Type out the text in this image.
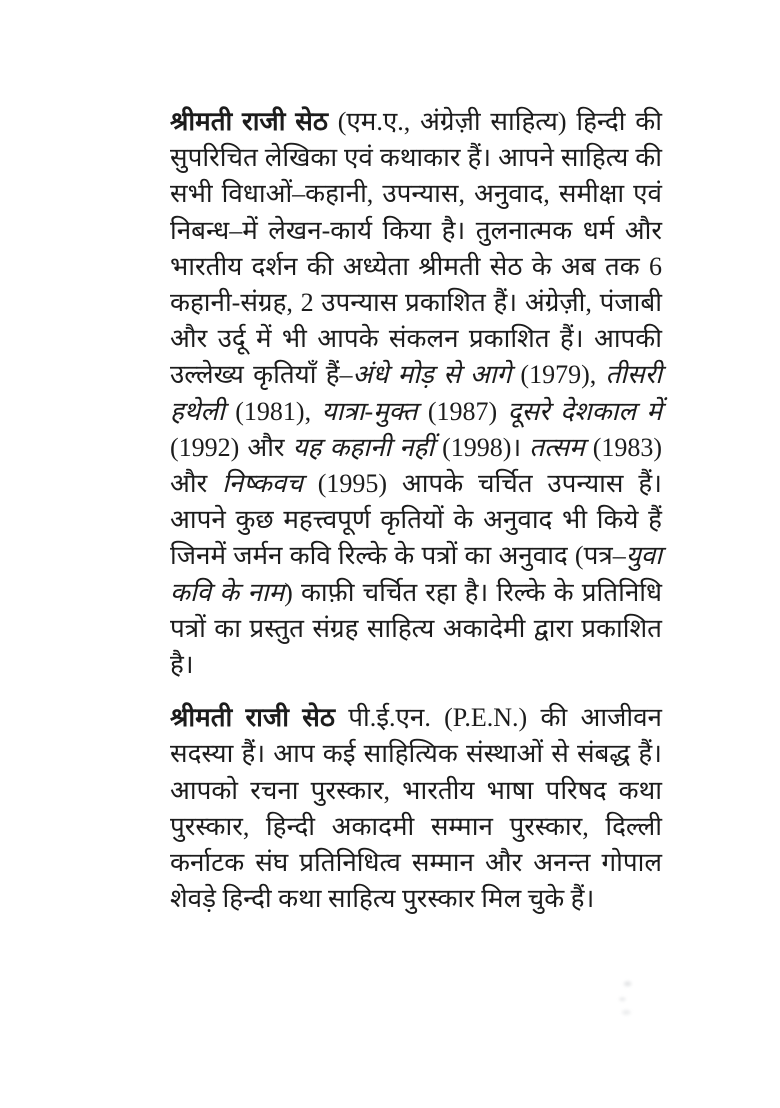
श्रीमती राजी सेठ (एम.ए., अंग्रेज़ी साहित्य) हिन्दी की सुपरिचित लेखिका एवं कथाकार हैं। आपने साहित्य की सभी विधाओं–कहानी, उपन्यास, अनुवाद, समीक्षा एवं निबन्ध–में लेखन-कार्य किया है। तुलनात्मक धर्म और भारतीय दर्शन की अध्येता श्रीमती सेठ के अब तक 6 कहानी-संग्रह, 2 उपन्यास प्रकाशित हैं। अंग्रेज़ी, पंजाबी और उर्दू में भी आपके संकलन प्रकाशित हैं। आपकी उल्लेख्य कृतियाँ हैं–अंधे मोड़ से आगे (1979), तीसरी हथेली (1981), यात्रा-मुक्त (1987) दूसरे देशकाल में (1992) और यह कहानी नहीं (1998)। तत्सम (1983) और निष्कवच (1995) आपके चर्चित उपन्यास हैं। आपने कुछ महत्त्वपूर्ण कृतियों के अनुवाद भी किये हैं जिनमें जर्मन कवि रिल्के के पत्रों का अनुवाद (पत्र–युवा कवि के नाम) काफ़ी चर्चित रहा है। रिल्के के प्रतिनिधि पत्रों का प्रस्तुत संग्रह साहित्य अकादेमी द्वारा प्रकाशित है।

श्रीमती राजी सेठ पी.ई.एन. (P.E.N.) की आजीवन सदस्या हैं। आप कई साहित्यिक संस्थाओं से संबद्ध हैं। आपको रचना पुरस्कार, भारतीय भाषा परिषद कथा पुरस्कार, हिन्दी अकादमी सम्मान पुरस्कार, दिल्ली कर्नाटक संघ प्रतिनिधित्व सम्मान और अनन्त गोपाल शेवड़े हिन्दी कथा साहित्य पुरस्कार मिल चुके हैं।
